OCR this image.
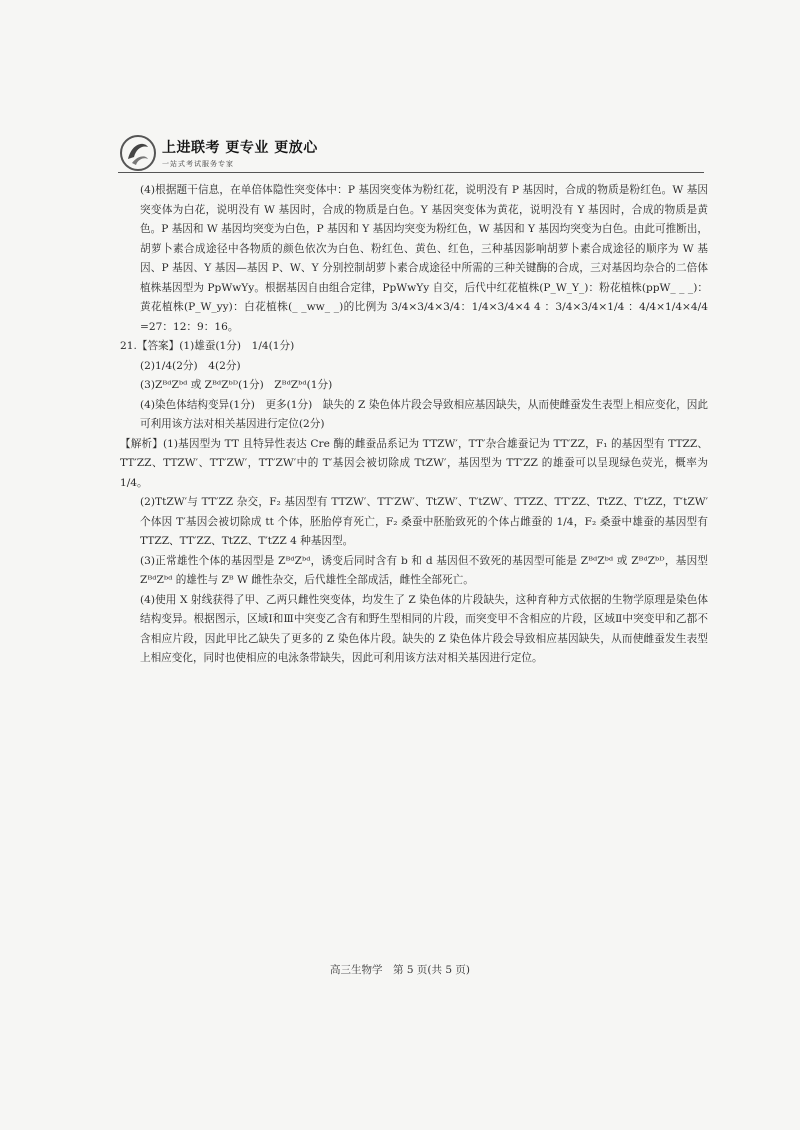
上进联考 更专业 更放心
一站式考试服务专家

(4)根据题干信息，在单倍体隐性突变体中：P 基因突变体为粉红花，说明没有 P 基因时，合成的物质是粉红色。W 基因突变体为白花，说明没有 W 基因时，合成的物质是白色。Y 基因突变体为黄花，说明没有 Y 基因时，合成的物质是黄色。P 基因和 W 基因均突变为白色，P 基因和 Y 基因均突变为粉红色，W 基因和 Y 基因均突变为白色。由此可推断出，胡萝卜素合成途径中各物质的颜色依次为白色、粉红色、黄色、红色，三种基因影响胡萝卜素合成途径的顺序为 W 基因、P 基因、Y 基因—基因 P、W、Y 分别控制胡萝卜素合成途径中所需的三种关键酶的合成，三对基因均杂合的二倍体植株基因型为 PpWwYy。根据基因自由组合定律，PpWwYy 自交，后代中红花植株(P_W_Y_)：粉花植株(ppW_ _ _)：黄花植株(P_W_yy)：白花植株(_ _ww_ _)的比例为 3/4×3/4×3/4：1/4×3/4×4 4 ：3/4×3/4×1/4 ：4/4×1/4×4/4 =27：12：9：16。

21.【答案】(1)雄蚕(1分)　1/4(1分)

(2)1/4(2分)　4(2分)

(3)ZᴮᵈZᵇᵈ 或 ZᴮᵈZᵇᴰ(1分)　ZᴮᵈZᵇᵈ(1分)

(4)染色体结构变异(1分)　更多(1分)　缺失的 Z 染色体片段会导致相应基因缺失，从而使雌蚕发生表型上相应变化，因此可利用该方法对相关基因进行定位(2分)

【解析】(1)基因型为 TT 且特异性表达 Cre 酶的雌蚕品系记为 TTZW′，TT′杂合雄蚕记为 TT′ZZ，F₁ 的基因型有 TTZZ、TT′ZZ、TTZW′、TT′ZW′，TT′ZW′中的 T′基因会被切除成 TtZW′，基因型为 TT′ZZ 的雄蚕可以呈现绿色荧光，概率为 1/4。

(2)TtZW′与 TT′ZZ 杂交，F₂ 基因型有 TTZW′、TT′ZW′、TtZW′、T′tZW′、TTZZ、TT′ZZ、TtZZ、T′tZZ，T′tZW′个体因 T′基因会被切除成 tt 个体，胚胎停育死亡，F₂ 桑蚕中胚胎致死的个体占雌蚕的 1/4，F₂ 桑蚕中雄蚕的基因型有 TTZZ、TT′ZZ、TtZZ、T′tZZ 4 种基因型。

(3)正常雄性个体的基因型是 ZᴮᵈZᵇᵈ，诱变后同时含有 b 和 d 基因但不致死的基因型可能是 ZᴮᵈZᵇᵈ 或 ZᴮᵈZᵇᴰ，基因型 ZᴮᵈZᵇᵈ 的雄性与 Zᴮ W 雌性杂交，后代雄性全部成活，雌性全部死亡。

(4)使用 X 射线获得了甲、乙两只雌性突变体，均发生了 Z 染色体的片段缺失，这种育种方式依据的生物学原理是染色体结构变异。根据图示，区域Ⅰ和Ⅲ中突变乙含有和野生型相同的片段，而突变甲不含相应的片段，区域Ⅱ中突变甲和乙都不含相应片段，因此甲比乙缺失了更多的 Z 染色体片段。缺失的 Z 染色体片段会导致相应基因缺失，从而使雌蚕发生表型上相应变化，同时也使相应的电泳条带缺失，因此可利用该方法对相关基因进行定位。

高三生物学　第 5 页(共 5 页)
